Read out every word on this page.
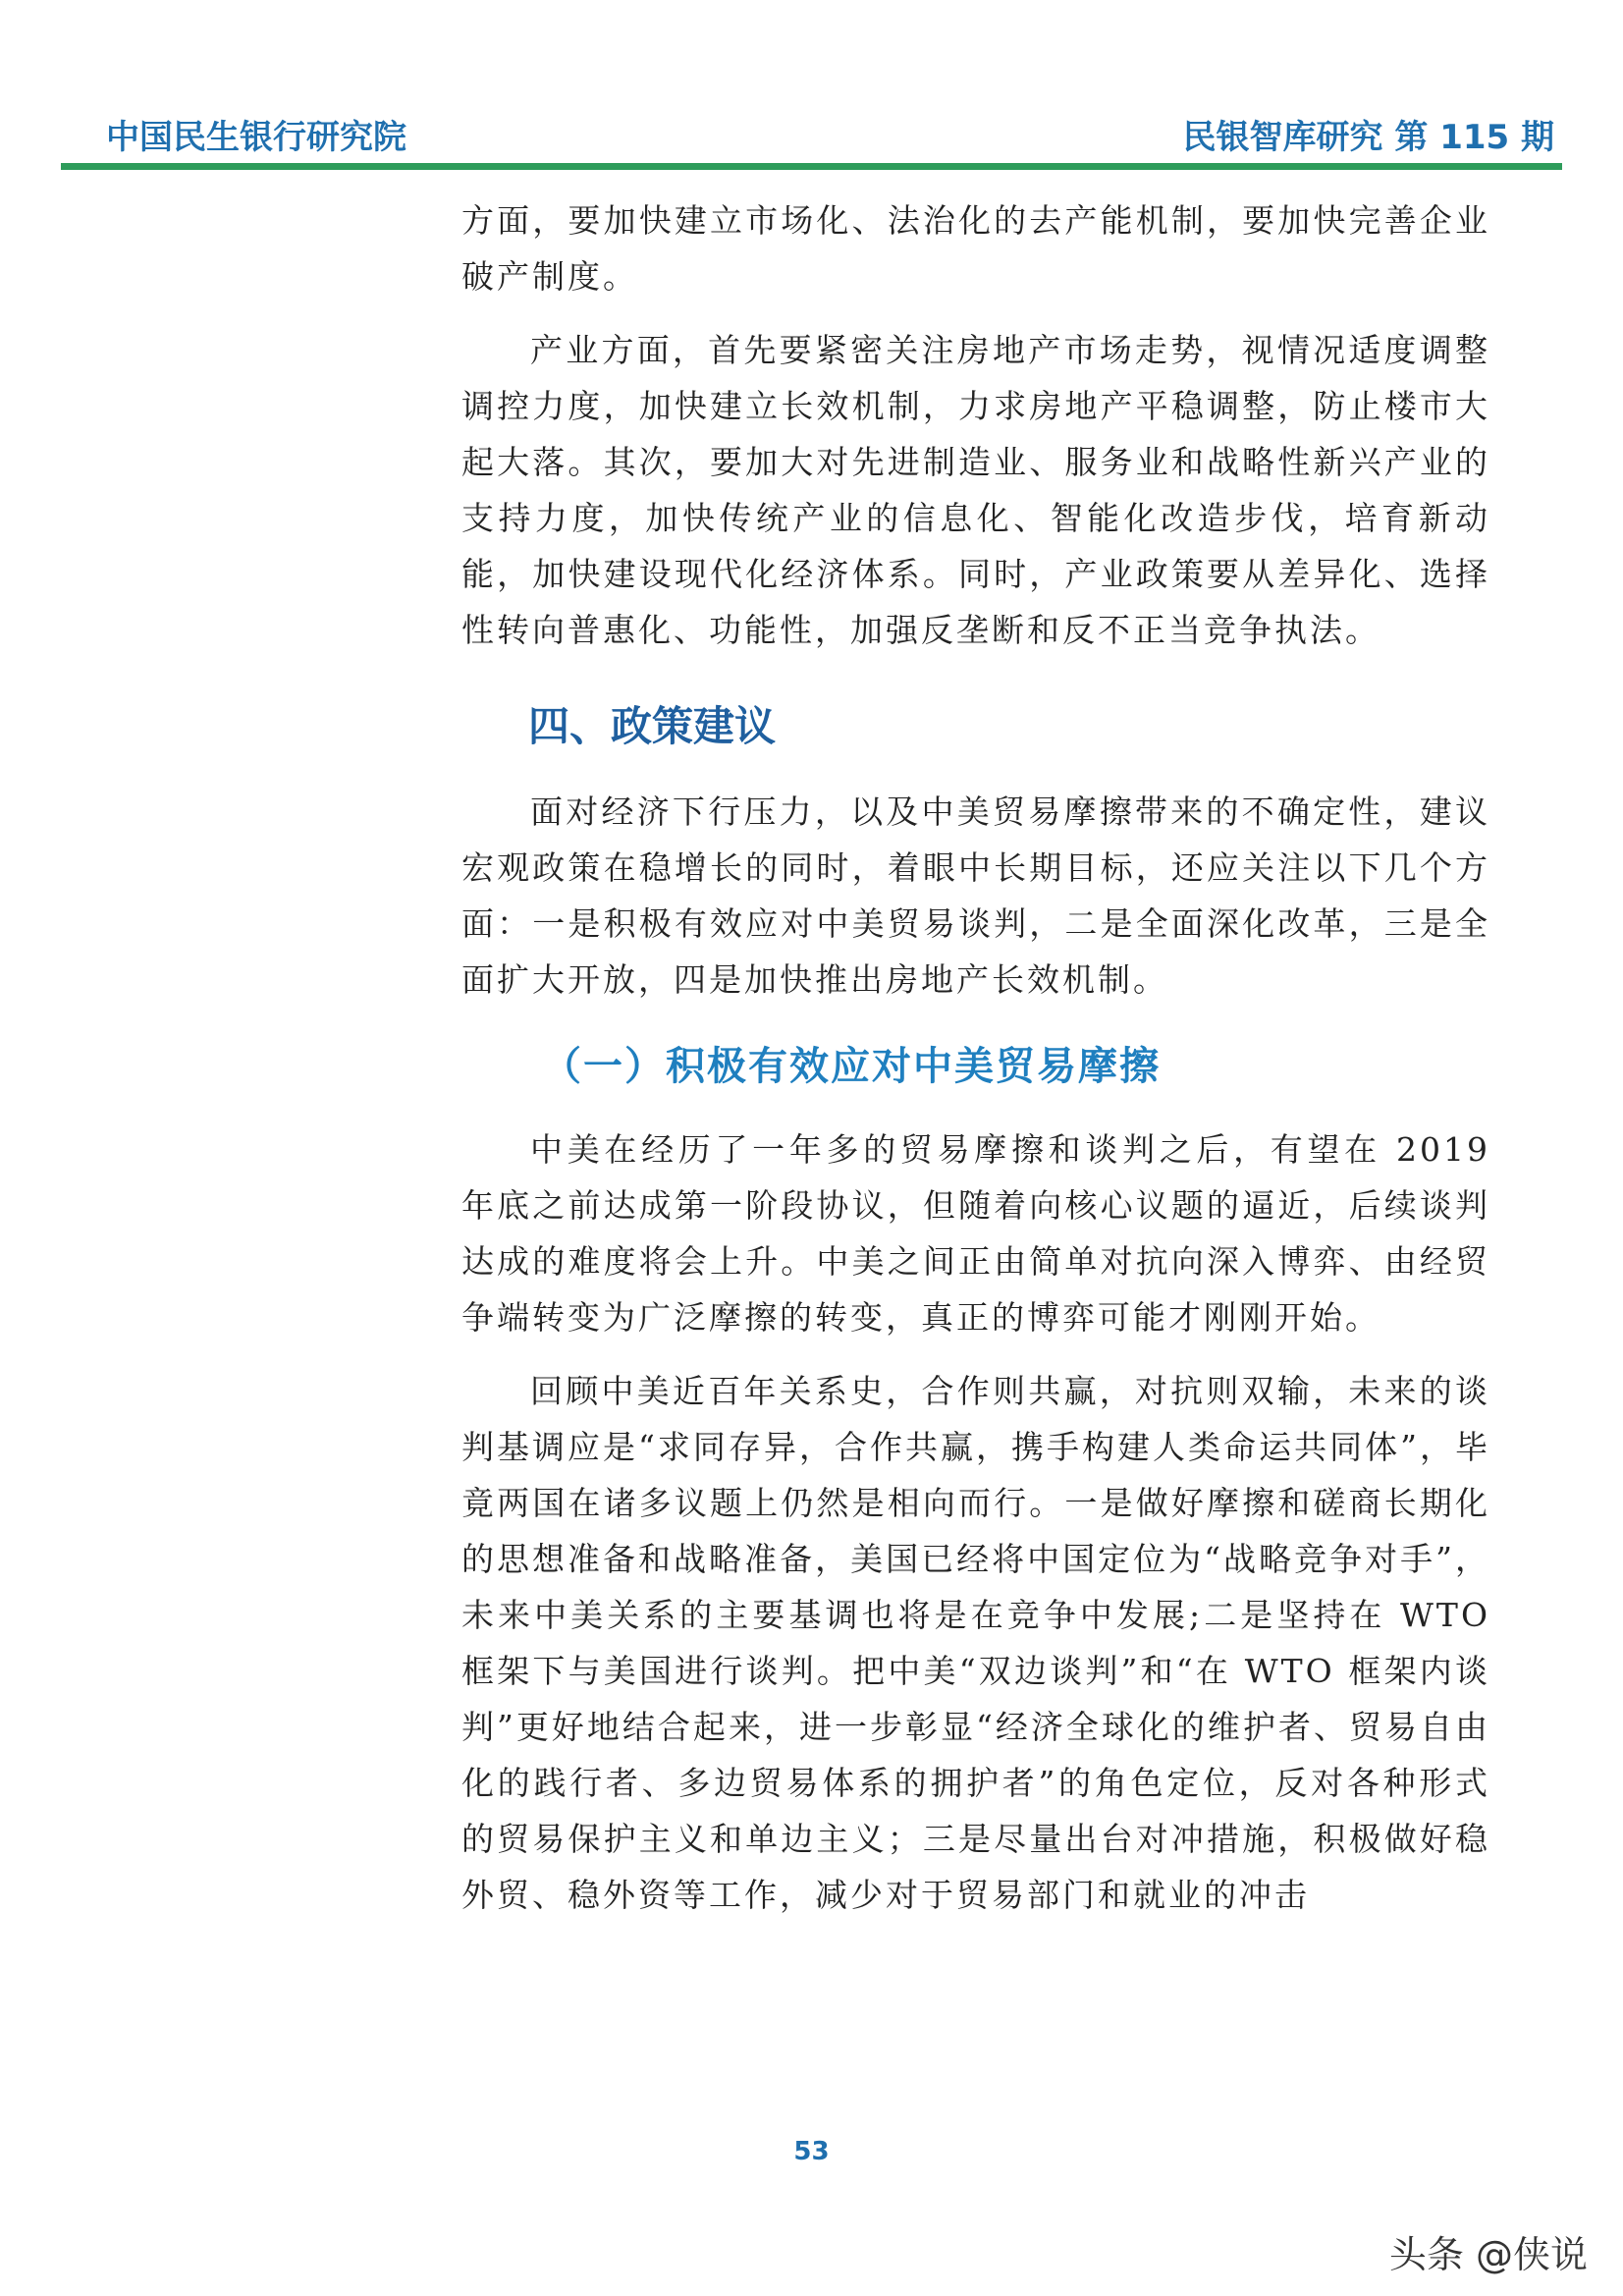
中国民生银行研究院	民银智库研究 第 115 期

方面，要加快建立市场化、法治化的去产能机制，要加快完善企业破产制度。

产业方面，首先要紧密关注房地产市场走势，视情况适度调整调控力度，加快建立长效机制，力求房地产平稳调整，防止楼市大起大落。其次，要加大对先进制造业、服务业和战略性新兴产业的支持力度，加快传统产业的信息化、智能化改造步伐，培育新动能，加快建设现代化经济体系。同时，产业政策要从差异化、选择性转向普惠化、功能性，加强反垄断和反不正当竞争执法。

四、政策建议

面对经济下行压力，以及中美贸易摩擦带来的不确定性，建议宏观政策在稳增长的同时，着眼中长期目标，还应关注以下几个方面：一是积极有效应对中美贸易谈判，二是全面深化改革，三是全面扩大开放，四是加快推出房地产长效机制。

（一）积极有效应对中美贸易摩擦

中美在经历了一年多的贸易摩擦和谈判之后，有望在 2019 年底之前达成第一阶段协议，但随着向核心议题的逼近，后续谈判达成的难度将会上升。中美之间正由简单对抗向深入博弈、由经贸争端转变为广泛摩擦的转变，真正的博弈可能才刚刚开始。

回顾中美近百年关系史，合作则共赢，对抗则双输，未来的谈判基调应是“求同存异，合作共赢，携手构建人类命运共同体”，毕竟两国在诸多议题上仍然是相向而行。一是做好摩擦和磋商长期化的思想准备和战略准备，美国已经将中国定位为“战略竞争对手”，未来中美关系的主要基调也将是在竞争中发展;二是坚持在 WTO 框架下与美国进行谈判。把中美“双边谈判”和“在 WTO 框架内谈判”更好地结合起来，进一步彰显“经济全球化的维护者、贸易自由化的践行者、多边贸易体系的拥护者”的角色定位，反对各种形式的贸易保护主义和单边主义；三是尽量出台对冲措施，积极做好稳外贸、稳外资等工作，减少对于贸易部门和就业的冲击

53
头条 @侠说
